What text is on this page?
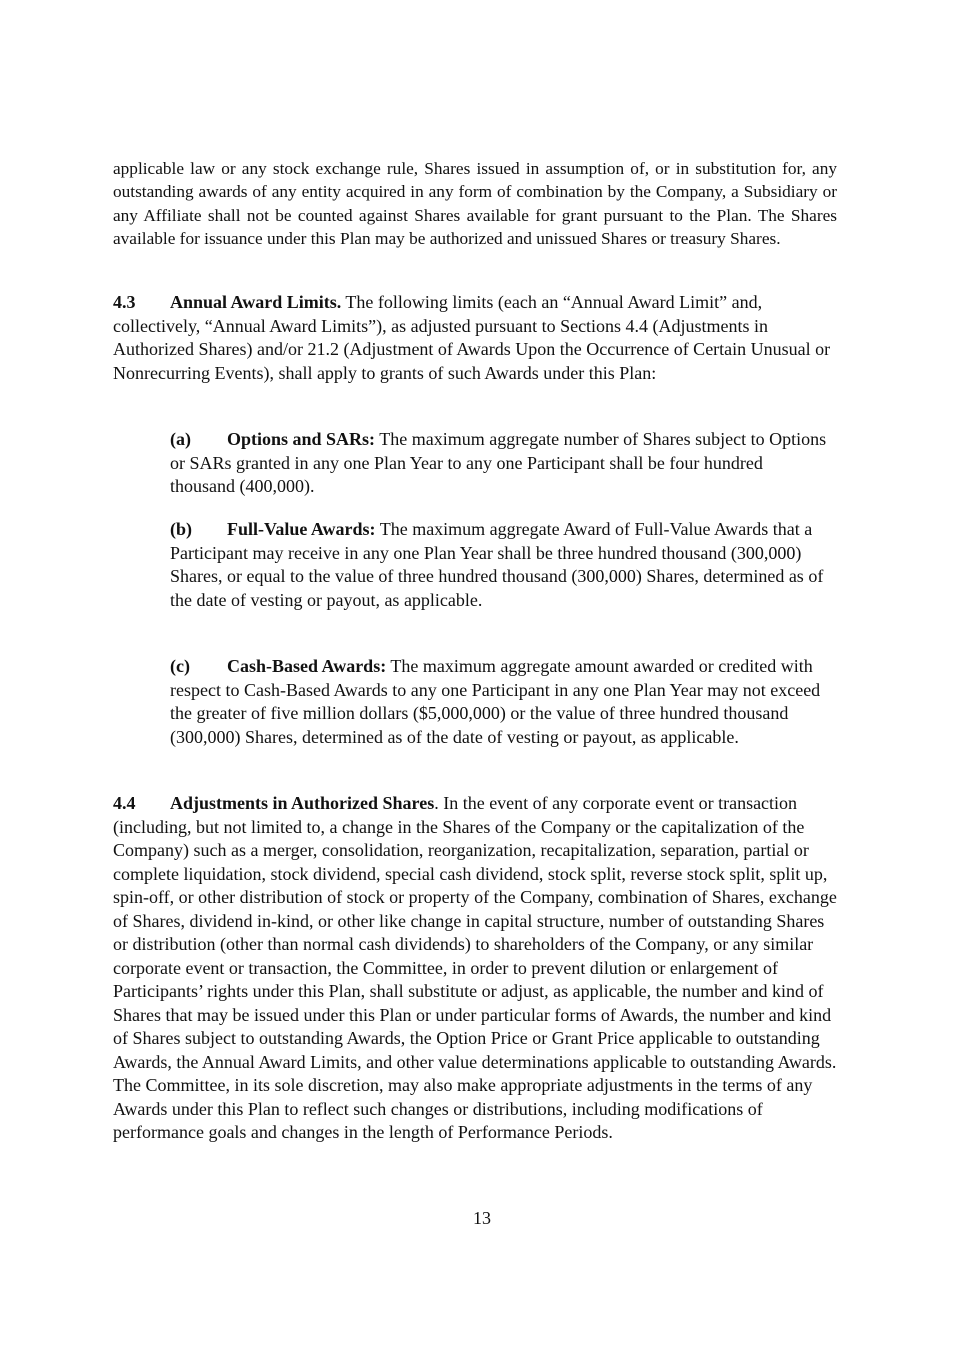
applicable law or any stock exchange rule, Shares issued in assumption of, or in substitution for, any outstanding awards of any entity acquired in any form of combination by the Company, a Subsidiary or any Affiliate shall not be counted against Shares available for grant pursuant to the Plan. The Shares available for issuance under this Plan may be authorized and unissued Shares or treasury Shares.

4.3 Annual Award Limits. The following limits (each an “Annual Award Limit” and, collectively, “Annual Award Limits”), as adjusted pursuant to Sections 4.4 (Adjustments in Authorized Shares) and/or 21.2 (Adjustment of Awards Upon the Occurrence of Certain Unusual or Nonrecurring Events), shall apply to grants of such Awards under this Plan:

(a) Options and SARs: The maximum aggregate number of Shares subject to Options or SARs granted in any one Plan Year to any one Participant shall be four hundred thousand (400,000).

(b) Full-Value Awards: The maximum aggregate Award of Full-Value Awards that a Participant may receive in any one Plan Year shall be three hundred thousand (300,000) Shares, or equal to the value of three hundred thousand (300,000) Shares, determined as of the date of vesting or payout, as applicable.

(c) Cash-Based Awards: The maximum aggregate amount awarded or credited with respect to Cash-Based Awards to any one Participant in any one Plan Year may not exceed the greater of five million dollars ($5,000,000) or the value of three hundred thousand (300,000) Shares, determined as of the date of vesting or payout, as applicable.

4.4 Adjustments in Authorized Shares. In the event of any corporate event or transaction (including, but not limited to, a change in the Shares of the Company or the capitalization of the Company) such as a merger, consolidation, reorganization, recapitalization, separation, partial or complete liquidation, stock dividend, special cash dividend, stock split, reverse stock split, split up, spin-off, or other distribution of stock or property of the Company, combination of Shares, exchange of Shares, dividend in-kind, or other like change in capital structure, number of outstanding Shares or distribution (other than normal cash dividends) to shareholders of the Company, or any similar corporate event or transaction, the Committee, in order to prevent dilution or enlargement of Participants’ rights under this Plan, shall substitute or adjust, as applicable, the number and kind of Shares that may be issued under this Plan or under particular forms of Awards, the number and kind of Shares subject to outstanding Awards, the Option Price or Grant Price applicable to outstanding Awards, the Annual Award Limits, and other value determinations applicable to outstanding Awards. The Committee, in its sole discretion, may also make appropriate adjustments in the terms of any Awards under this Plan to reflect such changes or distributions, including modifications of performance goals and changes in the length of Performance Periods.

13
